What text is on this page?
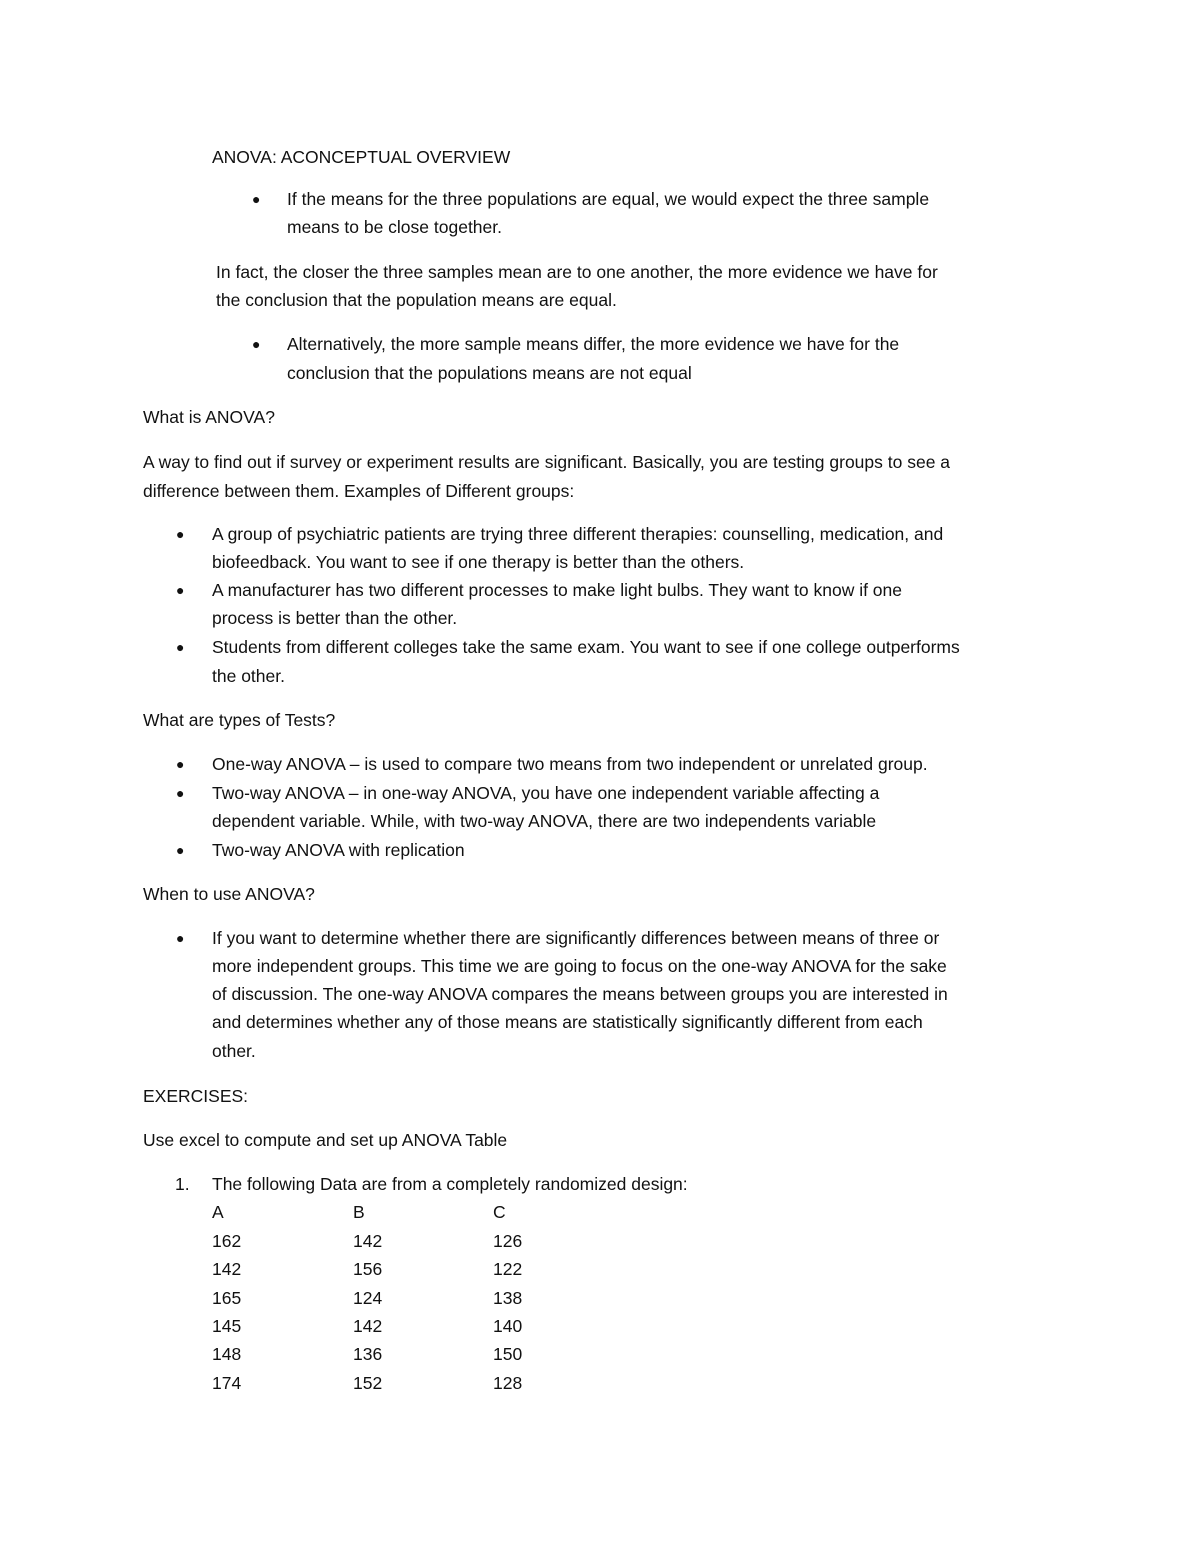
ANOVA: ACONCEPTUAL OVERVIEW
● If the means for the three populations are equal, we would expect the three sample
means to be close together.
In fact, the closer the three samples mean are to one another, the more evidence we have for
the conclusion that the population means are equal.
● Alternatively, the more sample means differ, the more evidence we have for the
conclusion that the populations means are not equal
What is ANOVA?
A way to find out if survey or experiment results are significant. Basically, you are testing groups to see a
difference between them. Examples of Different groups:
● A group of psychiatric patients are trying three different therapies: counselling, medication, and
biofeedback. You want to see if one therapy is better than the others.
● A manufacturer has two different processes to make light bulbs. They want to know if one
process is better than the other.
● Students from different colleges take the same exam. You want to see if one college outperforms
the other.
What are types of Tests?
● One-way ANOVA – is used to compare two means from two independent or unrelated group.
● Two-way ANOVA – in one-way ANOVA, you have one independent variable affecting a
dependent variable. While, with two-way ANOVA, there are two independents variable
● Two-way ANOVA with replication
When to use ANOVA?
● If you want to determine whether there are significantly differences between means of three or
more independent groups. This time we are going to focus on the one-way ANOVA for the sake
of discussion. The one-way ANOVA compares the means between groups you are interested in
and determines whether any of those means are statistically significantly different from each
other.
EXERCISES:
Use excel to compute and set up ANOVA Table
1. The following Data are from a completely randomized design:
A	B	C
162	142	126
142	156	122
165	124	138
145	142	140
148	136	150
174	152	128
